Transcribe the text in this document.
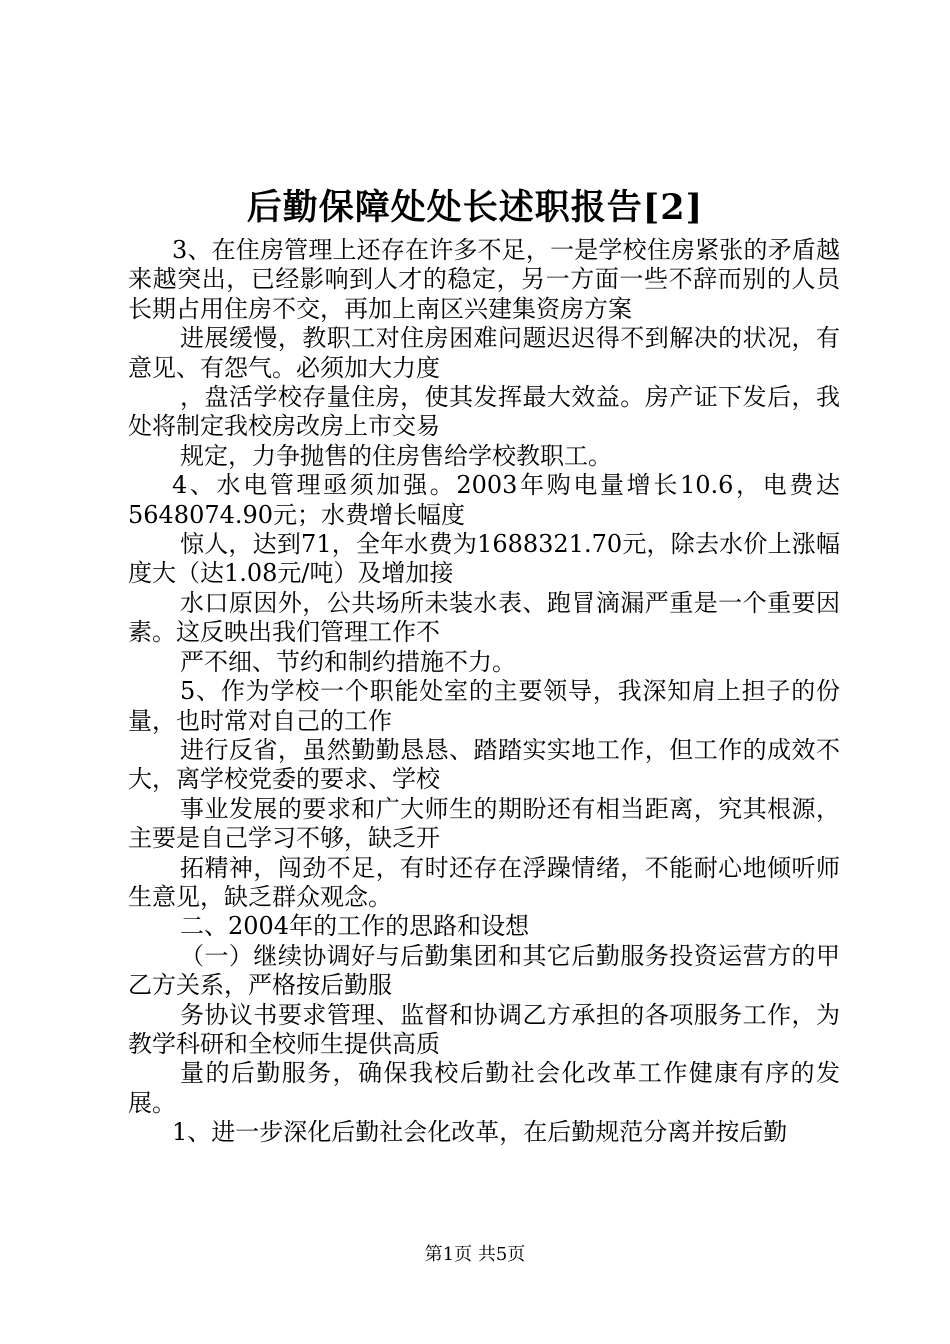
后勤保障处处长述职报告[2]

3、在住房管理上还存在许多不足，一是学校住房紧张的矛盾越来越突出，已经影响到人才的稳定，另一方面一些不辞而别的人员长期占用住房不交，再加上南区兴建集资房方案

进展缓慢，教职工对住房困难问题迟迟得不到解决的状况，有意见、有怨气。必须加大力度

，盘活学校存量住房，使其发挥最大效益。房产证下发后，我处将制定我校房改房上市交易

规定，力争抛售的住房售给学校教职工。

4、水电管理亟须加强。2003年购电量增长10.6，电费达5648074.90元；水费增长幅度

惊人，达到71，全年水费为1688321.70元，除去水价上涨幅度大（达1.08元/吨）及增加接

水口原因外，公共场所未装水表、跑冒滴漏严重是一个重要因素。这反映出我们管理工作不

严不细、节约和制约措施不力。

5、作为学校一个职能处室的主要领导，我深知肩上担子的份量，也时常对自己的工作

进行反省，虽然勤勤恳恳、踏踏实实地工作，但工作的成效不大，离学校党委的要求、学校

事业发展的要求和广大师生的期盼还有相当距离，究其根源，主要是自己学习不够，缺乏开

拓精神，闯劲不足，有时还存在浮躁情绪，不能耐心地倾听师生意见，缺乏群众观念。

二、2004年的工作的思路和设想

（一）继续协调好与后勤集团和其它后勤服务投资运营方的甲乙方关系，严格按后勤服

务协议书要求管理、监督和协调乙方承担的各项服务工作，为教学科研和全校师生提供高质

量的后勤服务，确保我校后勤社会化改革工作健康有序的发展。

1、进一步深化后勤社会化改革，在后勤规范分离并按后勤

第1页 共5页
